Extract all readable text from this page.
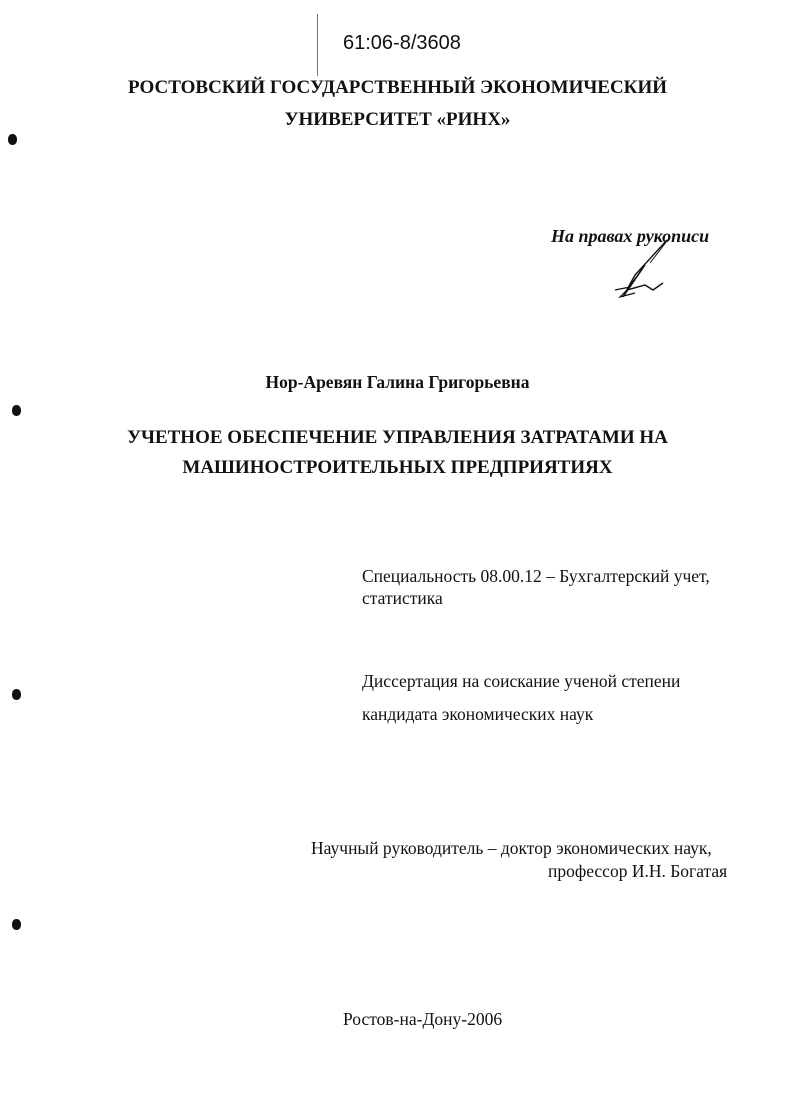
61:06-8/3608
РОСТОВСКИЙ ГОСУДАРСТВЕННЫЙ ЭКОНОМИЧЕСКИЙ
УНИВЕРСИТЕТ «РИНХ»
На правах рукописи
Нор-Аревян Галина Григорьевна
УЧЕТНОЕ ОБЕСПЕЧЕНИЕ УПРАВЛЕНИЯ ЗАТРАТАМИ НА
МАШИНОСТРОИТЕЛЬНЫХ ПРЕДПРИЯТИЯХ
Специальность 08.00.12 – Бухгалтерский учет,
статистика
Диссертация на соискание ученой степени
кандидата экономических наук
Научный руководитель – доктор экономических наук,
профессор И.Н. Богатая
Ростов-на-Дону-2006
